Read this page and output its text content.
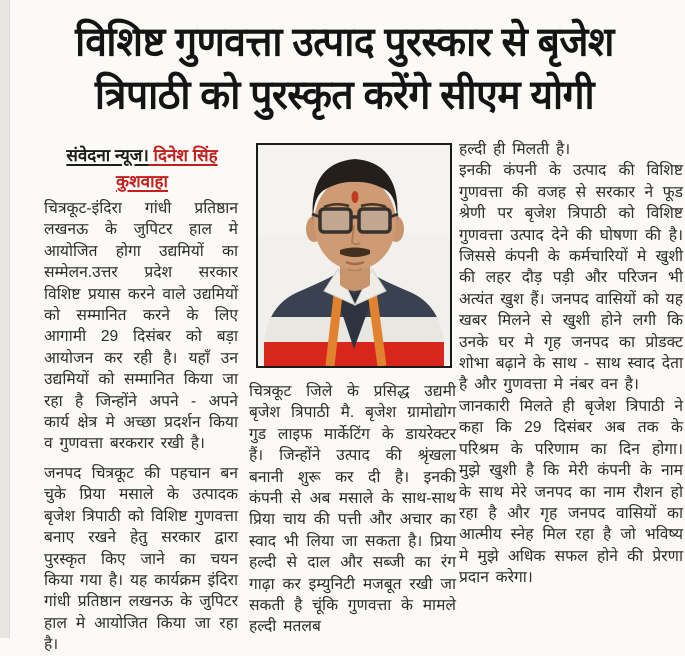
विशिष्ट गुणवत्ता उत्पाद पुरस्कार से बृजेश
त्रिपाठी को पुरस्कृत करेंगे सीएम योगी
संवेदना न्यूज। दिनेश सिंह कुशवाहा

चित्रकूट-इंदिरा गांधी प्रतिष्ठान लखनऊ के जुपिटर हाल मे आयोजित होगा उद्यमियों का सम्मेलन.उत्तर प्रदेश सरकार विशिष्ट प्रयास करने वाले उद्यमियों को सम्मानित करने के लिए आगामी 29 दिसंबर को बड़ा आयोजन कर रही है। यहाँ उन उद्यमियों को सम्मानित किया जा रहा है जिन्होंने अपने - अपने कार्य क्षेत्र मे अच्छा प्रदर्शन किया व गुणवत्ता बरकरार रखी है।

जनपद चित्रकूट की पहचान बन चुके प्रिया मसाले के उत्पादक बृजेश त्रिपाठी को विशिष्ट गुणवत्ता बनाए रखने हेतु सरकार द्वारा पुरस्कृत किए जाने का चयन किया गया है। यह कार्यक्रम इंदिरा गांधी प्रतिष्ठान लखनऊ के जुपिटर हाल मे आयोजित किया जा रहा है।

चित्रकूट जिले के प्रसिद्ध उद्यमी बृजेश त्रिपाठी मै. बृजेश ग्रामोद्योग गुड लाइफ मार्केटिंग के डायरेक्टर हैं। जिन्होंने उत्पाद की श्रृंखला बनानी शुरू कर दी है। इनकी कंपनी से अब मसाले के साथ-साथ प्रिया चाय की पत्ती और अचार का स्वाद भी लिया जा सकता है। प्रिया हल्दी से दाल और सब्जी का रंग गाढ़ा कर इम्युनिटी मजबूत रखी जा सकती है चूंकि गुणवत्ता के मामले हल्दी मतलब

हल्दी ही मिलती है।

इनकी कंपनी के उत्पाद की विशिष्ट गुणवत्ता की वजह से सरकार ने फूड श्रेणी पर बृजेश त्रिपाठी को विशिष्ट गुणवत्ता उत्पाद देने की घोषणा की है। जिससे कंपनी के कर्मचारियों मे खुशी की लहर दौड़ पड़ी और परिजन भी अत्यंत खुश हैं। जनपद वासियों को यह खबर मिलने से खुशी होने लगी कि उनके घर मे गृह जनपद का प्रोडक्ट शोभा बढ़ाने के साथ - साथ स्वाद देता है और गुणवत्ता मे नंबर वन है।

जानकारी मिलते ही बृजेश त्रिपाठी ने कहा कि 29 दिसंबर अब तक के परिश्रम के परिणाम का दिन होगा। मुझे खुशी है कि मेरी कंपनी के नाम के साथ मेरे जनपद का नाम रौशन हो रहा है और गृह जनपद वासियों का आत्मीय स्नेह मिल रहा है जो भविष्य मे मुझे अधिक सफल होने की प्रेरणा प्रदान करेगा।
